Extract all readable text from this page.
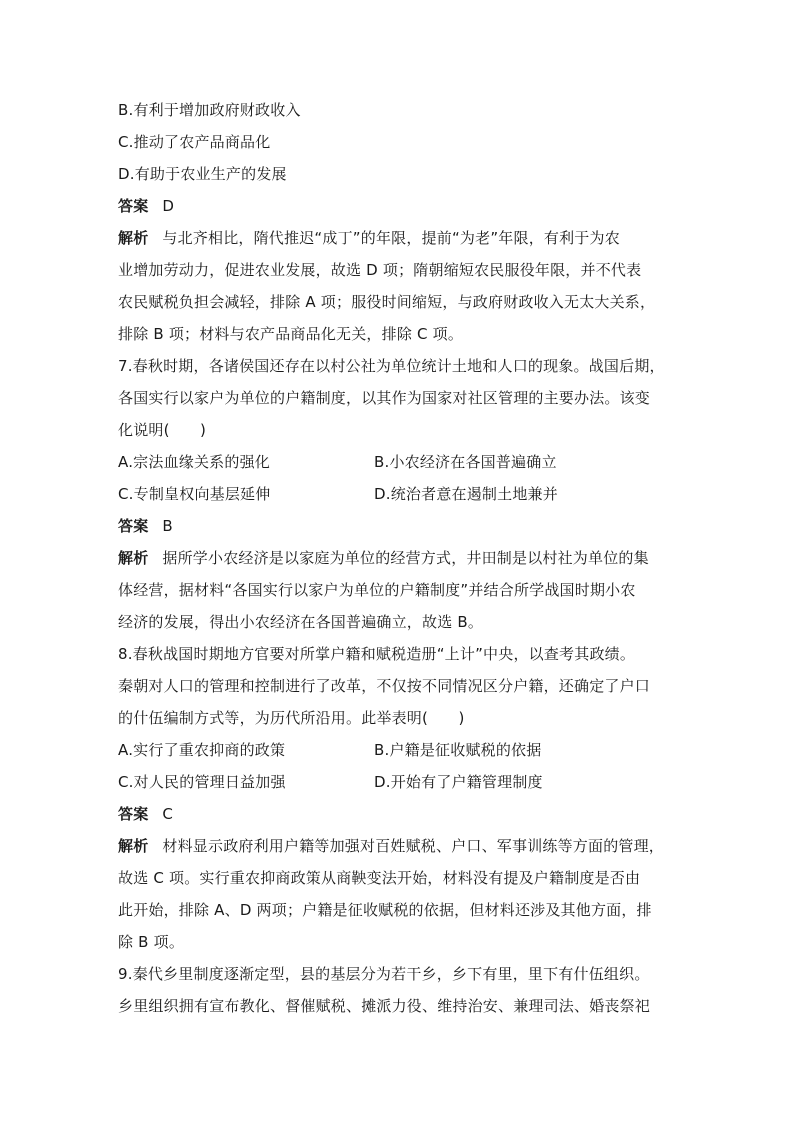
B.有利于增加政府财政收入
C.推动了农产品商品化
D.有助于农业生产的发展
答案 D
解析 与北齐相比，隋代推迟“成丁”的年限，提前“为老”年限，有利于为农
业增加劳动力，促进农业发展，故选 D 项；隋朝缩短农民服役年限，并不代表
农民赋税负担会减轻，排除 A 项；服役时间缩短，与政府财政收入无太大关系，
排除 B 项；材料与农产品商品化无关，排除 C 项。
7.春秋时期，各诸侯国还存在以村公社为单位统计土地和人口的现象。战国后期，
各国实行以家户为单位的户籍制度，以其作为国家对社区管理的主要办法。该变
化说明(　　)
A.宗法血缘关系的强化	B.小农经济在各国普遍确立
C.专制皇权向基层延伸	D.统治者意在遏制土地兼并
答案 B
解析 据所学小农经济是以家庭为单位的经营方式，井田制是以村社为单位的集
体经营，据材料“各国实行以家户为单位的户籍制度”并结合所学战国时期小农
经济的发展，得出小农经济在各国普遍确立，故选 B。
8.春秋战国时期地方官要对所掌户籍和赋税造册“上计”中央，以查考其政绩。
秦朝对人口的管理和控制进行了改革，不仅按不同情况区分户籍，还确定了户口
的什伍编制方式等，为历代所沿用。此举表明(　　)
A.实行了重农抑商的政策	B.户籍是征收赋税的依据
C.对人民的管理日益加强	D.开始有了户籍管理制度
答案 C
解析 材料显示政府利用户籍等加强对百姓赋税、户口、军事训练等方面的管理，
故选 C 项。实行重农抑商政策从商鞅变法开始，材料没有提及户籍制度是否由
此开始，排除 A、D 两项；户籍是征收赋税的依据，但材料还涉及其他方面，排
除 B 项。
9.秦代乡里制度逐渐定型，县的基层分为若干乡，乡下有里，里下有什伍组织。
乡里组织拥有宣布教化、督催赋税、摊派力役、维持治安、兼理司法、婚丧祭祀
